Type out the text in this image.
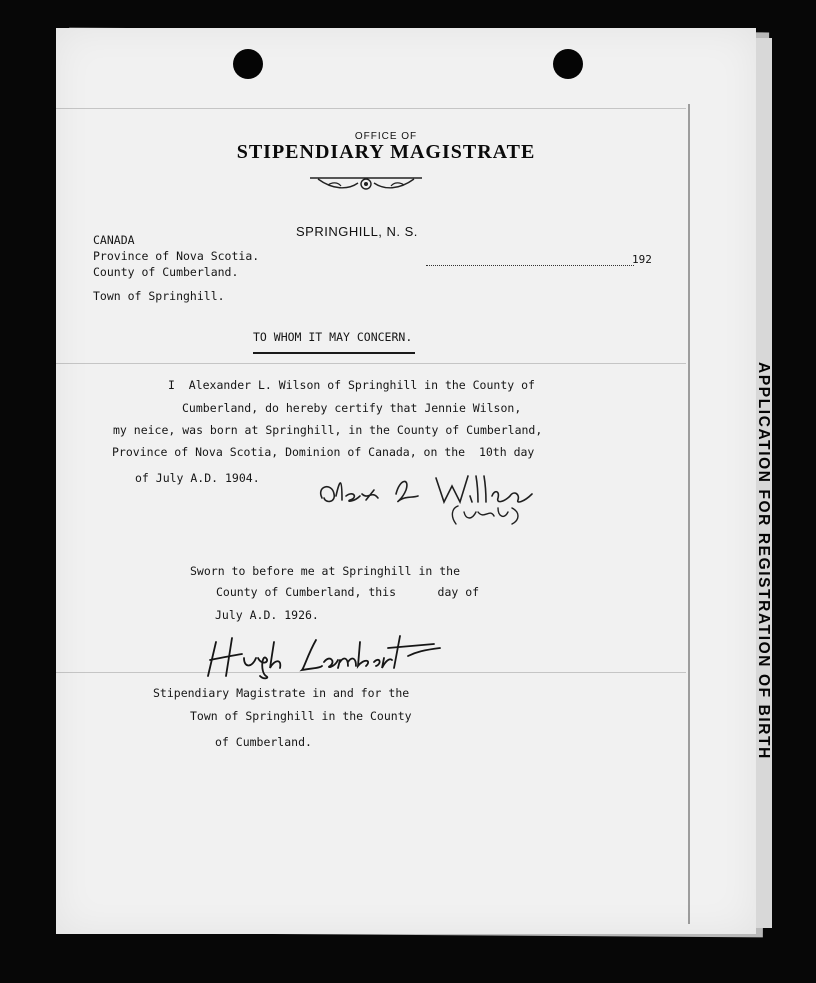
OFFICE OF
STIPENDIARY MAGISTRATE
SPRINGHILL, N. S.
192
CANADA
Province of Nova Scotia.
County of Cumberland.
Town of Springhill.
TO WHOM IT MAY CONCERN.
I  Alexander L. Wilson of Springhill in the County of
Cumberland, do hereby certify that Jennie Wilson,
my neice, was born at Springhill, in the County of Cumberland,
Province of Nova Scotia, Dominion of Canada, on the  10th day
of July A.D. 1904.
Sworn to before me at Springhill in the
County of Cumberland, this      day of
July A.D. 1926.
Stipendiary Magistrate in and for the
Town of Springhill in the County
of Cumberland.	APPLICATION FOR REGISTRATION OF BIRTH
